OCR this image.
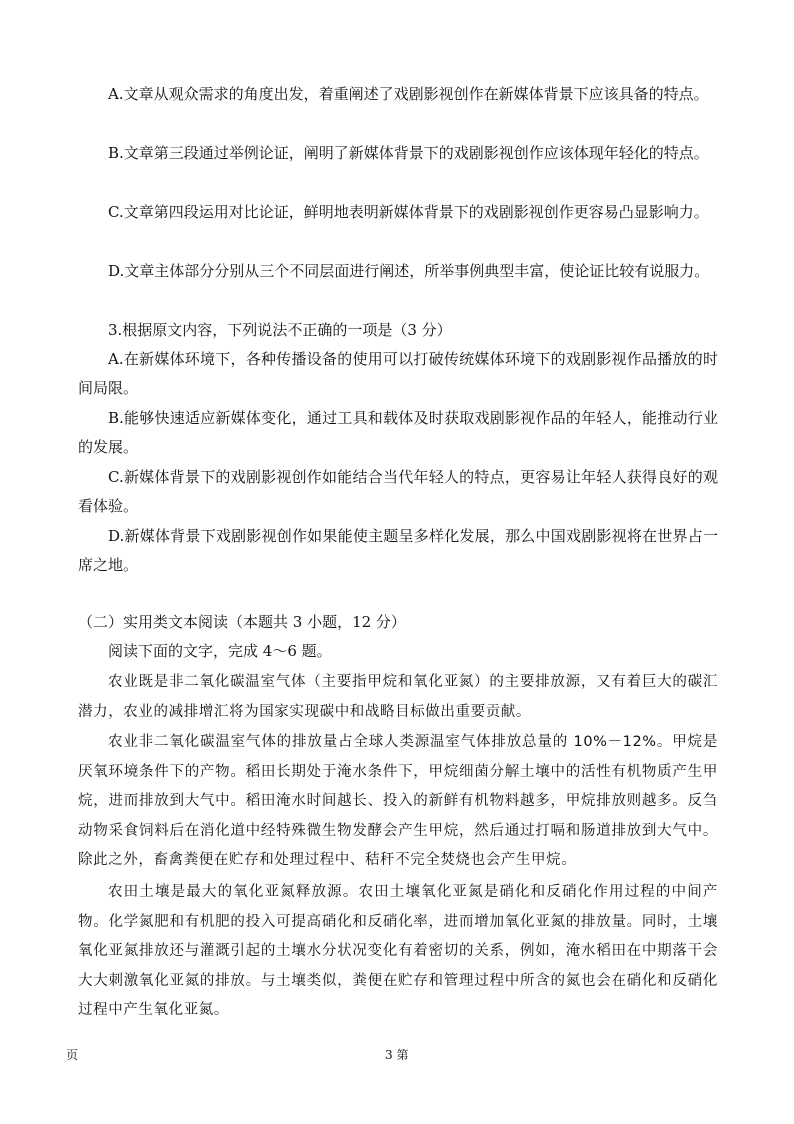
A.文章从观众需求的角度出发，着重阐述了戏剧影视创作在新媒体背景下应该具备的特点。

B.文章第三段通过举例论证，阐明了新媒体背景下的戏剧影视创作应该体现年轻化的特点。

C.文章第四段运用对比论证，鲜明地表明新媒体背景下的戏剧影视创作更容易凸显影响力。

D.文章主体部分分别从三个不同层面进行阐述，所举事例典型丰富，使论证比较有说服力。

3.根据原文内容，下列说法不正确的一项是（3 分）

A.在新媒体环境下，各种传播设备的使用可以打破传统媒体环境下的戏剧影视作品播放的时间局限。

B.能够快速适应新媒体变化，通过工具和载体及时获取戏剧影视作品的年轻人，能推动行业的发展。

C.新媒体背景下的戏剧影视创作如能结合当代年轻人的特点，更容易让年轻人获得良好的观看体验。

D.新媒体背景下戏剧影视创作如果能使主题呈多样化发展，那么中国戏剧影视将在世界占一席之地。

（二）实用类文本阅读（本题共 3 小题，12 分）

阅读下面的文字，完成 4～6 题。

农业既是非二氧化碳温室气体（主要指甲烷和氧化亚氮）的主要排放源，又有着巨大的碳汇潜力，农业的减排增汇将为国家实现碳中和战略目标做出重要贡献。

农业非二氧化碳温室气体的排放量占全球人类源温室气体排放总量的 10%－12%。甲烷是厌氧环境条件下的产物。稻田长期处于淹水条件下，甲烷细菌分解土壤中的活性有机物质产生甲烷，进而排放到大气中。稻田淹水时间越长、投入的新鲜有机物料越多，甲烷排放则越多。反刍动物采食饲料后在消化道中经特殊微生物发酵会产生甲烷，然后通过打嗝和肠道排放到大气中。除此之外，畜禽粪便在贮存和处理过程中、秸秆不完全焚烧也会产生甲烷。

农田土壤是最大的氧化亚氮释放源。农田土壤氧化亚氮是硝化和反硝化作用过程的中间产物。化学氮肥和有机肥的投入可提高硝化和反硝化率，进而增加氧化亚氮的排放量。同时，土壤氧化亚氮排放还与灌溉引起的土壤水分状况变化有着密切的关系，例如，淹水稻田在中期落干会大大刺激氧化亚氮的排放。与土壤类似，粪便在贮存和管理过程中所含的氮也会在硝化和反硝化过程中产生氧化亚氮。

页	3 第
